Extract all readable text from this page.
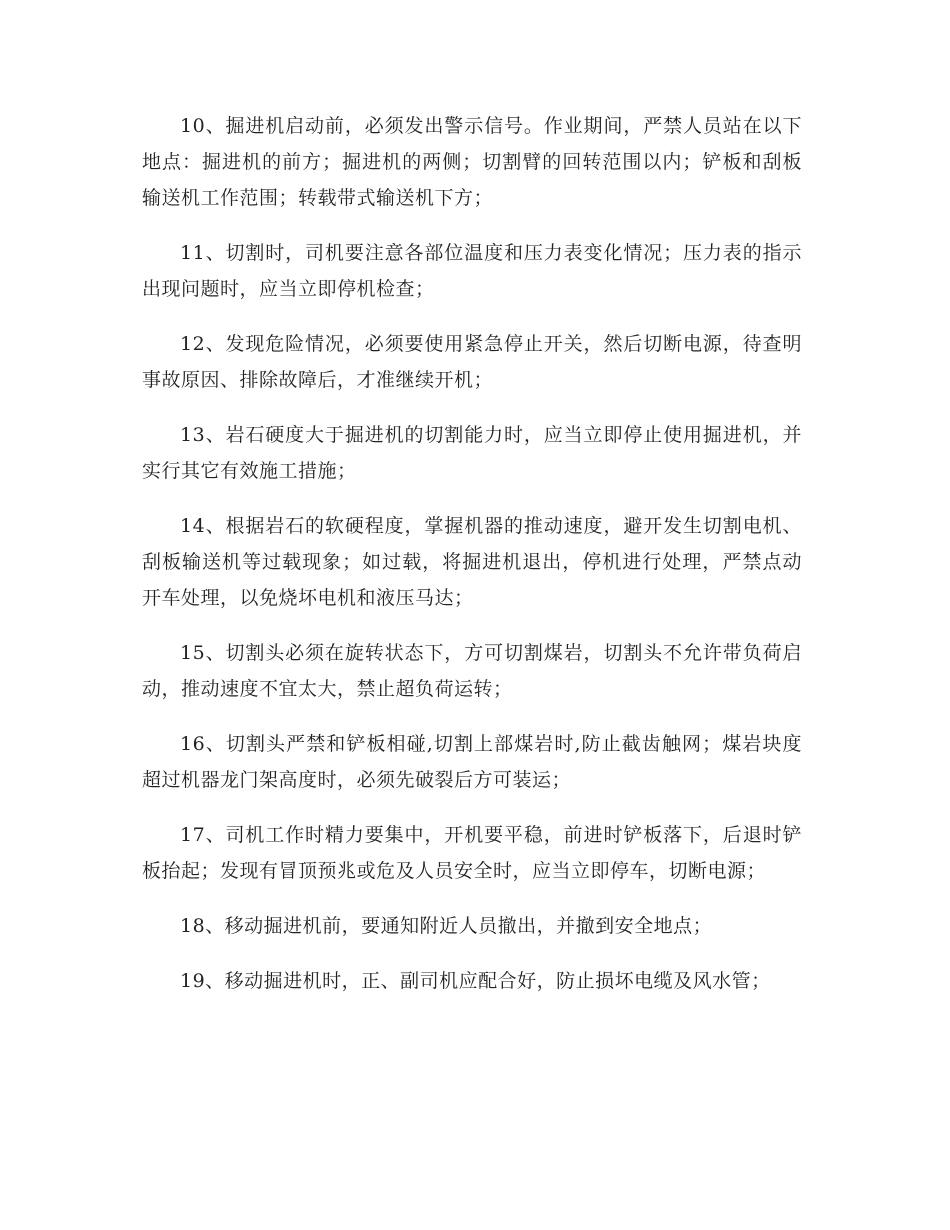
10、掘进机启动前，必须发出警示信号。作业期间，严禁人员站在以下地点：掘进机的前方；掘进机的两侧；切割臂的回转范围以内；铲板和刮板输送机工作范围；转载带式输送机下方；

11、切割时，司机要注意各部位温度和压力表变化情况；压力表的指示出现问题时，应当立即停机检查；

12、发现危险情况，必须要使用紧急停止开关，然后切断电源，待查明事故原因、排除故障后，才准继续开机；

13、岩石硬度大于掘进机的切割能力时，应当立即停止使用掘进机，并实行其它有效施工措施；

14、根据岩石的软硬程度，掌握机器的推动速度，避开发生切割电机、刮板输送机等过载现象；如过载，将掘进机退出，停机进行处理，严禁点动开车处理，以免烧坏电机和液压马达；

15、切割头必须在旋转状态下，方可切割煤岩，切割头不允许带负荷启动，推动速度不宜太大，禁止超负荷运转；

16、切割头严禁和铲板相碰,切割上部煤岩时,防止截齿触网；煤岩块度超过机器龙门架高度时，必须先破裂后方可装运；

17、司机工作时精力要集中，开机要平稳，前进时铲板落下，后退时铲板抬起；发现有冒顶预兆或危及人员安全时，应当立即停车，切断电源；

18、移动掘进机前，要通知附近人员撤出，并撤到安全地点；

19、移动掘进机时，正、副司机应配合好，防止损坏电缆及风水管；
